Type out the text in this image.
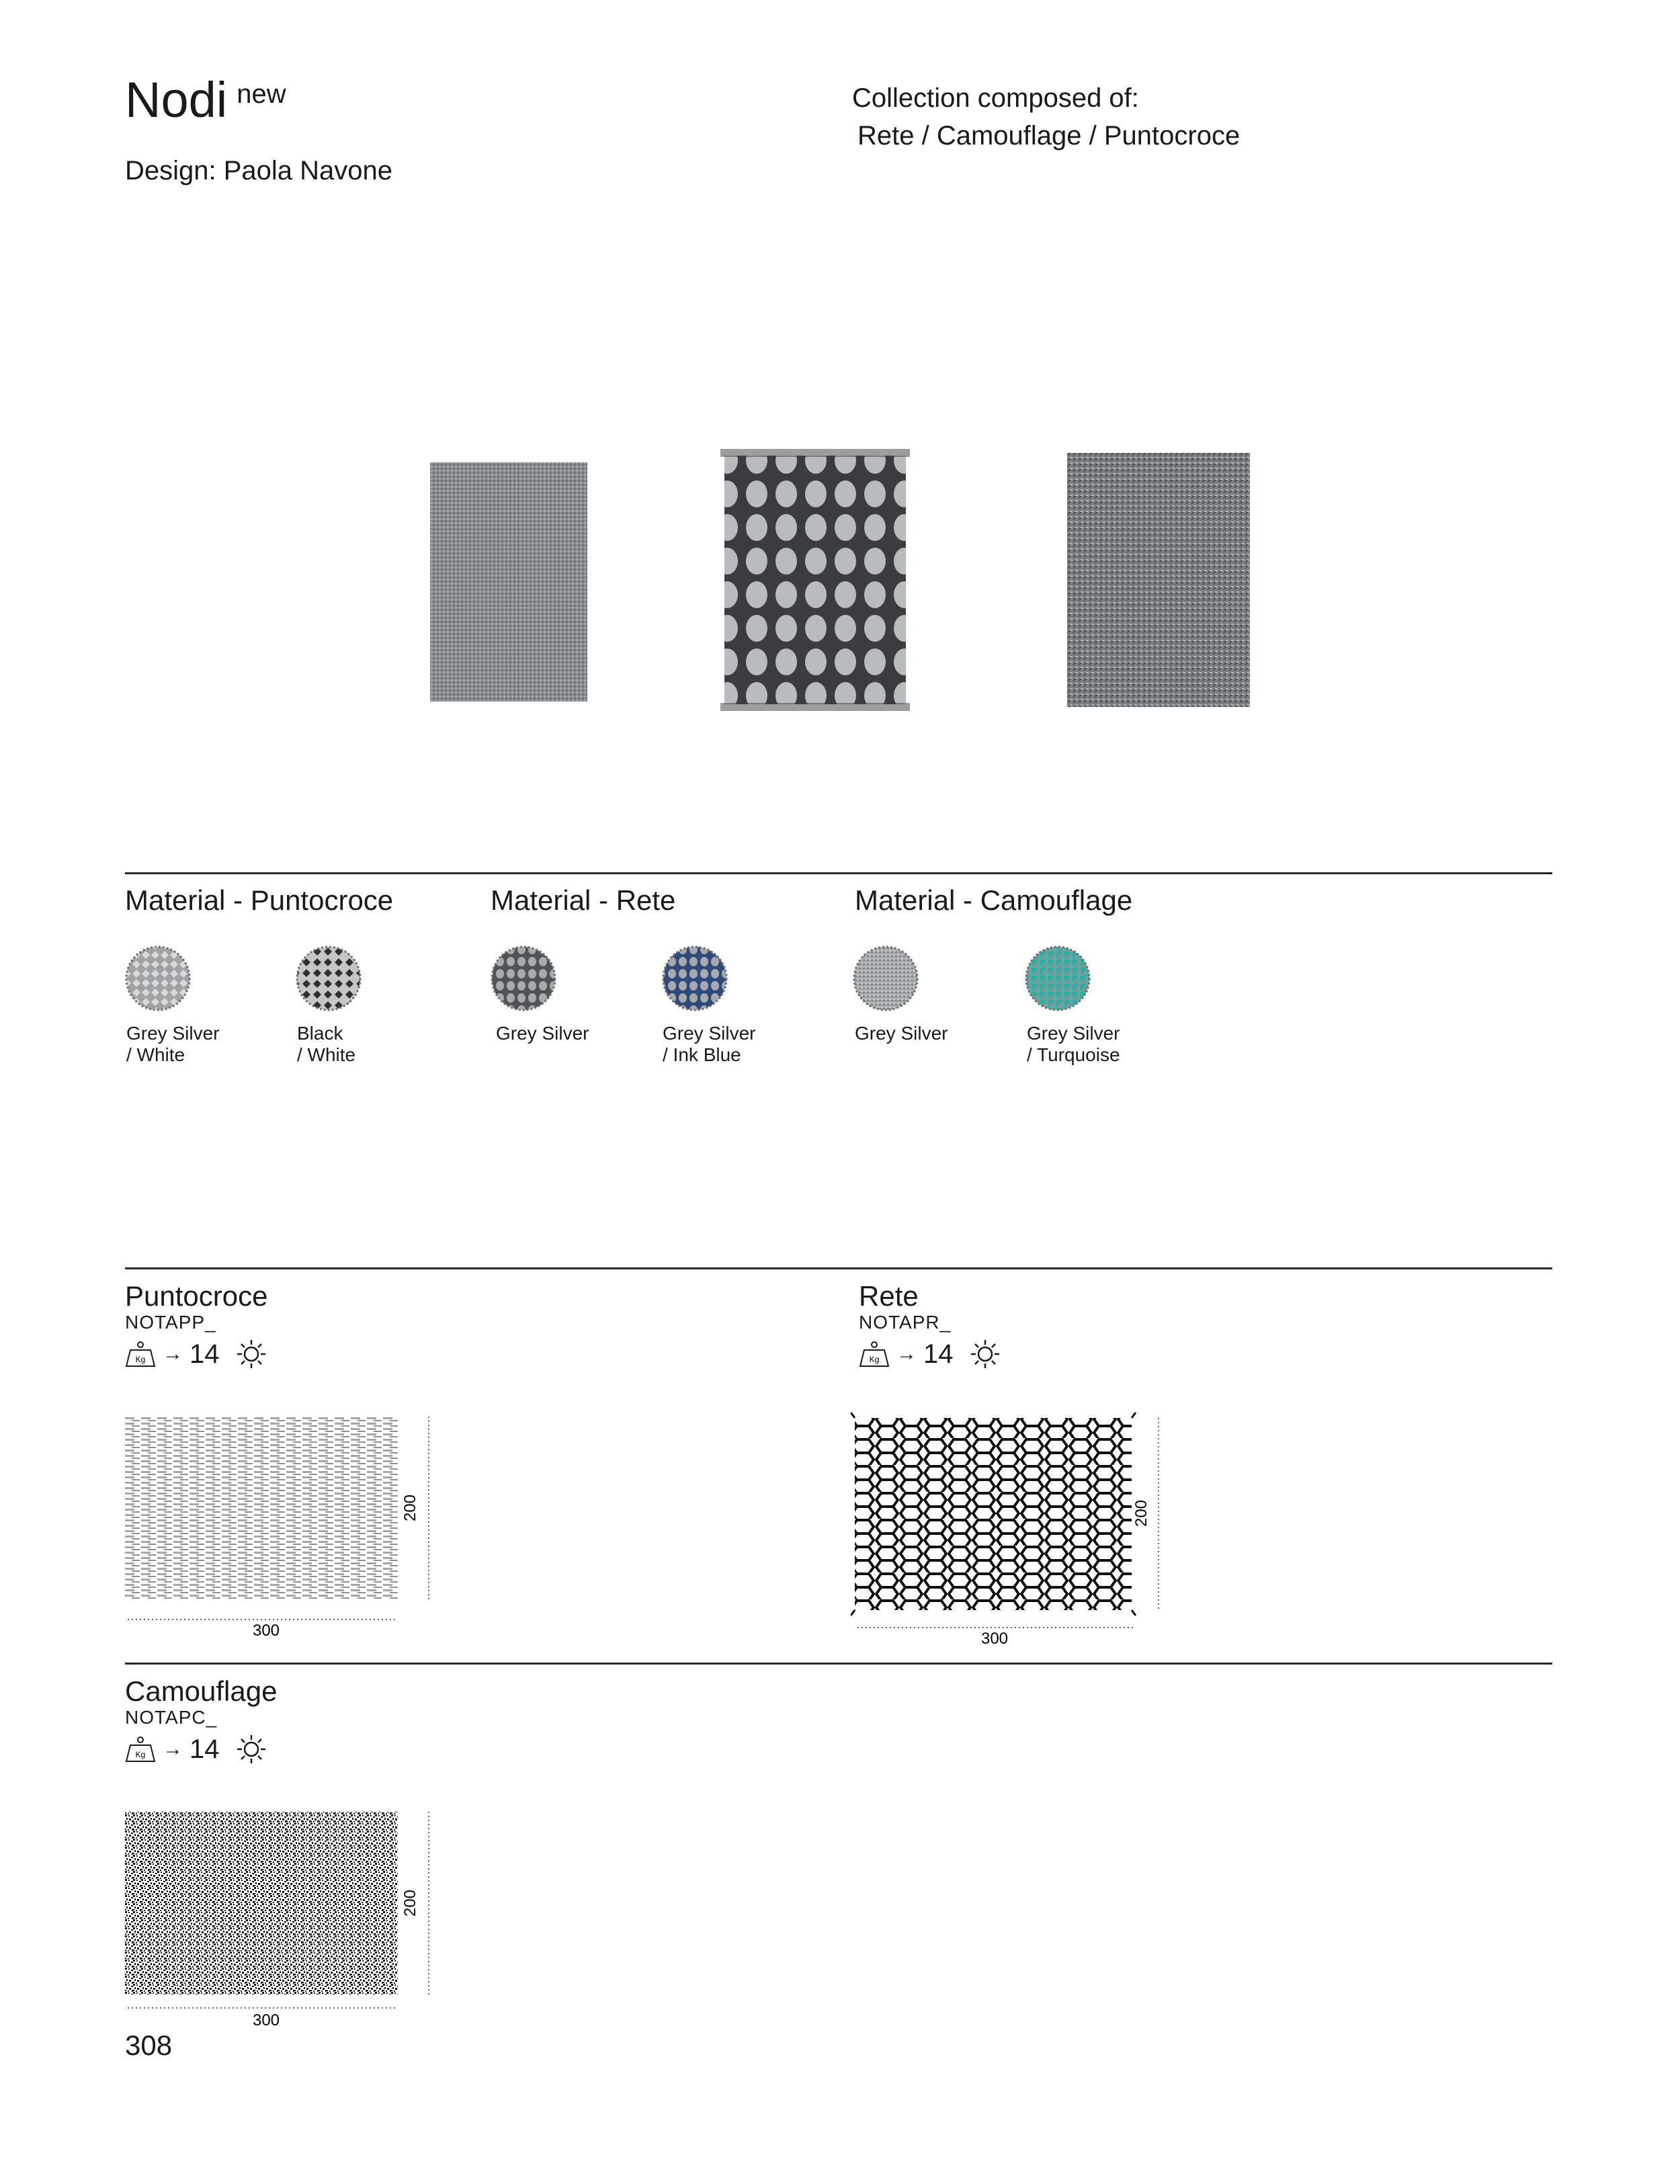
Nodi $^{new}$
Design: Paola Navone
Collection composed of:
Rete / Camouflage / Puntocroce
Material - Puntocroce	Material - Rete	Material - Camouflage
Grey Silver
/ White
Black
/ White
Grey Silver	Grey Silver
/ Ink Blue
Grey Silver	Grey Silver
/ Turquoise
Puntocroce
NOTAPP_
Kg → 14
200
300
Rete
NOTAPR_
Kg → 14
200
300
Camouflage
NOTAPC_
Kg → 14
200
300
308
